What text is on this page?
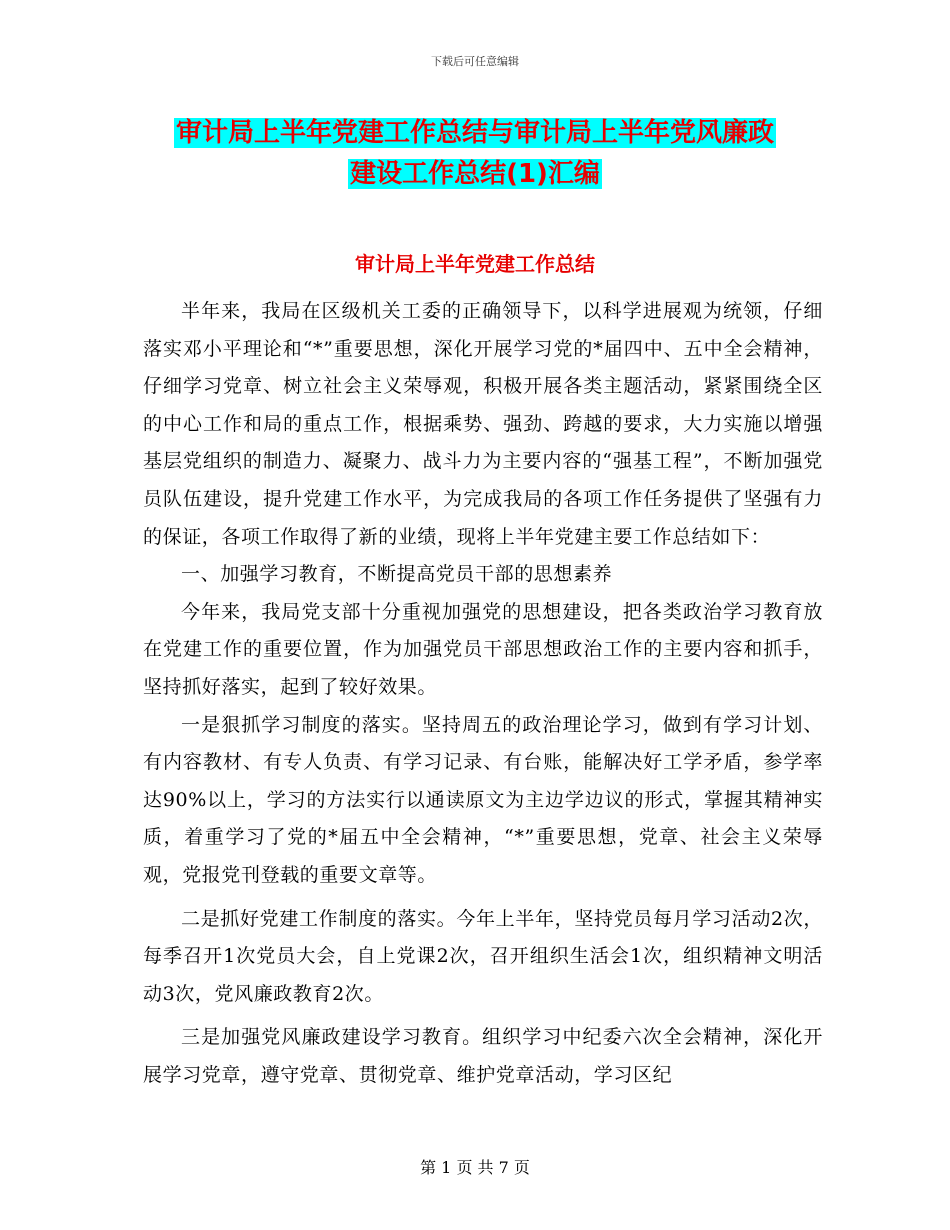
下载后可任意编辑
审计局上半年党建工作总结与审计局上半年党风廉政
建设工作总结(1)汇编
审计局上半年党建工作总结

半年来，我局在区级机关工委的正确领导下，以科学进展观为统领，仔细落实邓小平理论和“*”重要思想，深化开展学习党的*届四中、五中全会精神，仔细学习党章、树立社会主义荣辱观，积极开展各类主题活动，紧紧围绕全区的中心工作和局的重点工作，根据乘势、强劲、跨越的要求，大力实施以增强基层党组织的制造力、凝聚力、战斗力为主要内容的“强基工程”，不断加强党员队伍建设，提升党建工作水平，为完成我局的各项工作任务提供了坚强有力的保证，各项工作取得了新的业绩，现将上半年党建主要工作总结如下：

一、加强学习教育，不断提高党员干部的思想素养

今年来，我局党支部十分重视加强党的思想建设，把各类政治学习教育放在党建工作的重要位置，作为加强党员干部思想政治工作的主要内容和抓手，坚持抓好落实，起到了较好效果。

一是狠抓学习制度的落实。坚持周五的政治理论学习，做到有学习计划、有内容教材、有专人负责、有学习记录、有台账，能解决好工学矛盾，参学率达90%以上，学习的方法实行以通读原文为主边学边议的形式，掌握其精神实质，着重学习了党的*届五中全会精神，“*”重要思想，党章、社会主义荣辱观，党报党刊登载的重要文章等。

二是抓好党建工作制度的落实。今年上半年，坚持党员每月学习活动2次，每季召开1次党员大会，自上党课2次，召开组织生活会1次，组织精神文明活动3次，党风廉政教育2次。

三是加强党风廉政建设学习教育。组织学习中纪委六次全会精神，深化开展学习党章，遵守党章、贯彻党章、维护党章活动，学习区纪

第 1 页 共 7 页
